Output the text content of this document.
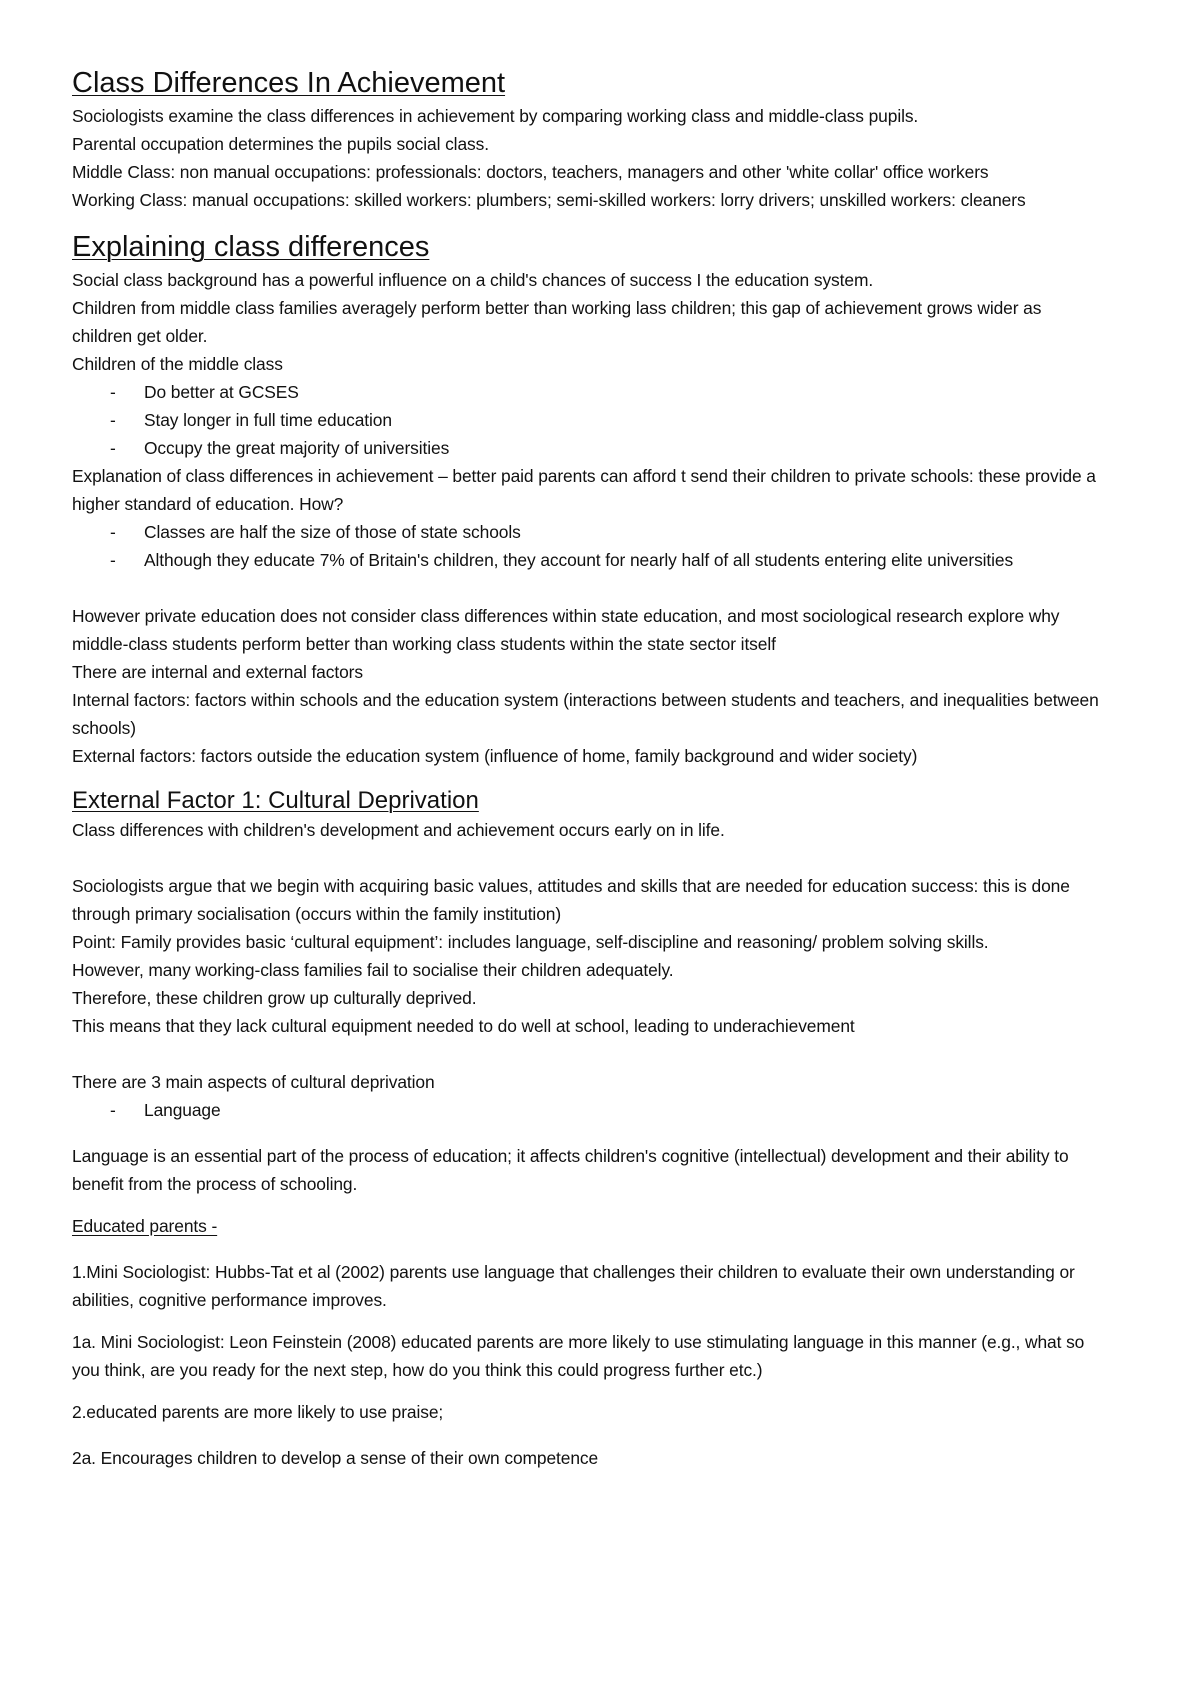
Class Differences In Achievement

Sociologists examine the class differences in achievement by comparing working class and middle-class pupils.

Parental occupation determines the pupils social class.

Middle Class: non manual occupations: professionals: doctors, teachers, managers and other 'white collar' office workers

Working Class: manual occupations: skilled workers: plumbers; semi-skilled workers: lorry drivers; unskilled workers: cleaners

Explaining class differences

Social class background has a powerful influence on a child's chances of success I the education system.

Children from middle class families averagely perform better than working lass children; this gap of achievement grows wider as children get older.

Children of the middle class

- Do better at GCSES
- Stay longer in full time education
- Occupy the great majority of universities

Explanation of class differences in achievement – better paid parents can afford t send their children to private schools: these provide a higher standard of education. How?

- Classes are half the size of those of state schools
- Although they educate 7% of Britain's children, they account for nearly half of all students entering elite universities

However private education does not consider class differences within state education, and most sociological research explore why middle-class students perform better than working class students within the state sector itself

There are internal and external factors

Internal factors: factors within schools and the education system (interactions between students and teachers, and inequalities between schools)

External factors: factors outside the education system (influence of home, family background and wider society)

External Factor 1: Cultural Deprivation

Class differences with children's development and achievement occurs early on in life.

Sociologists argue that we begin with acquiring basic values, attitudes and skills that are needed for education success: this is done through primary socialisation (occurs within the family institution)

Point: Family provides basic ‘cultural equipment’: includes language, self-discipline and reasoning/ problem solving skills.

However, many working-class families fail to socialise their children adequately.

Therefore, these children grow up culturally deprived.

This means that they lack cultural equipment needed to do well at school, leading to underachievement

There are 3 main aspects of cultural deprivation

- Language

Language is an essential part of the process of education; it affects children's cognitive (intellectual) development and their ability to benefit from the process of schooling.

Educated parents -

1.Mini Sociologist: Hubbs-Tat et al (2002) parents use language that challenges their children to evaluate their own understanding or abilities, cognitive performance improves.

1a. Mini Sociologist: Leon Feinstein (2008) educated parents are more likely to use stimulating language in this manner (e.g., what so you think, are you ready for the next step, how do you think this could progress further etc.)

2.educated parents are more likely to use praise;

2a. Encourages children to develop a sense of their own competence
